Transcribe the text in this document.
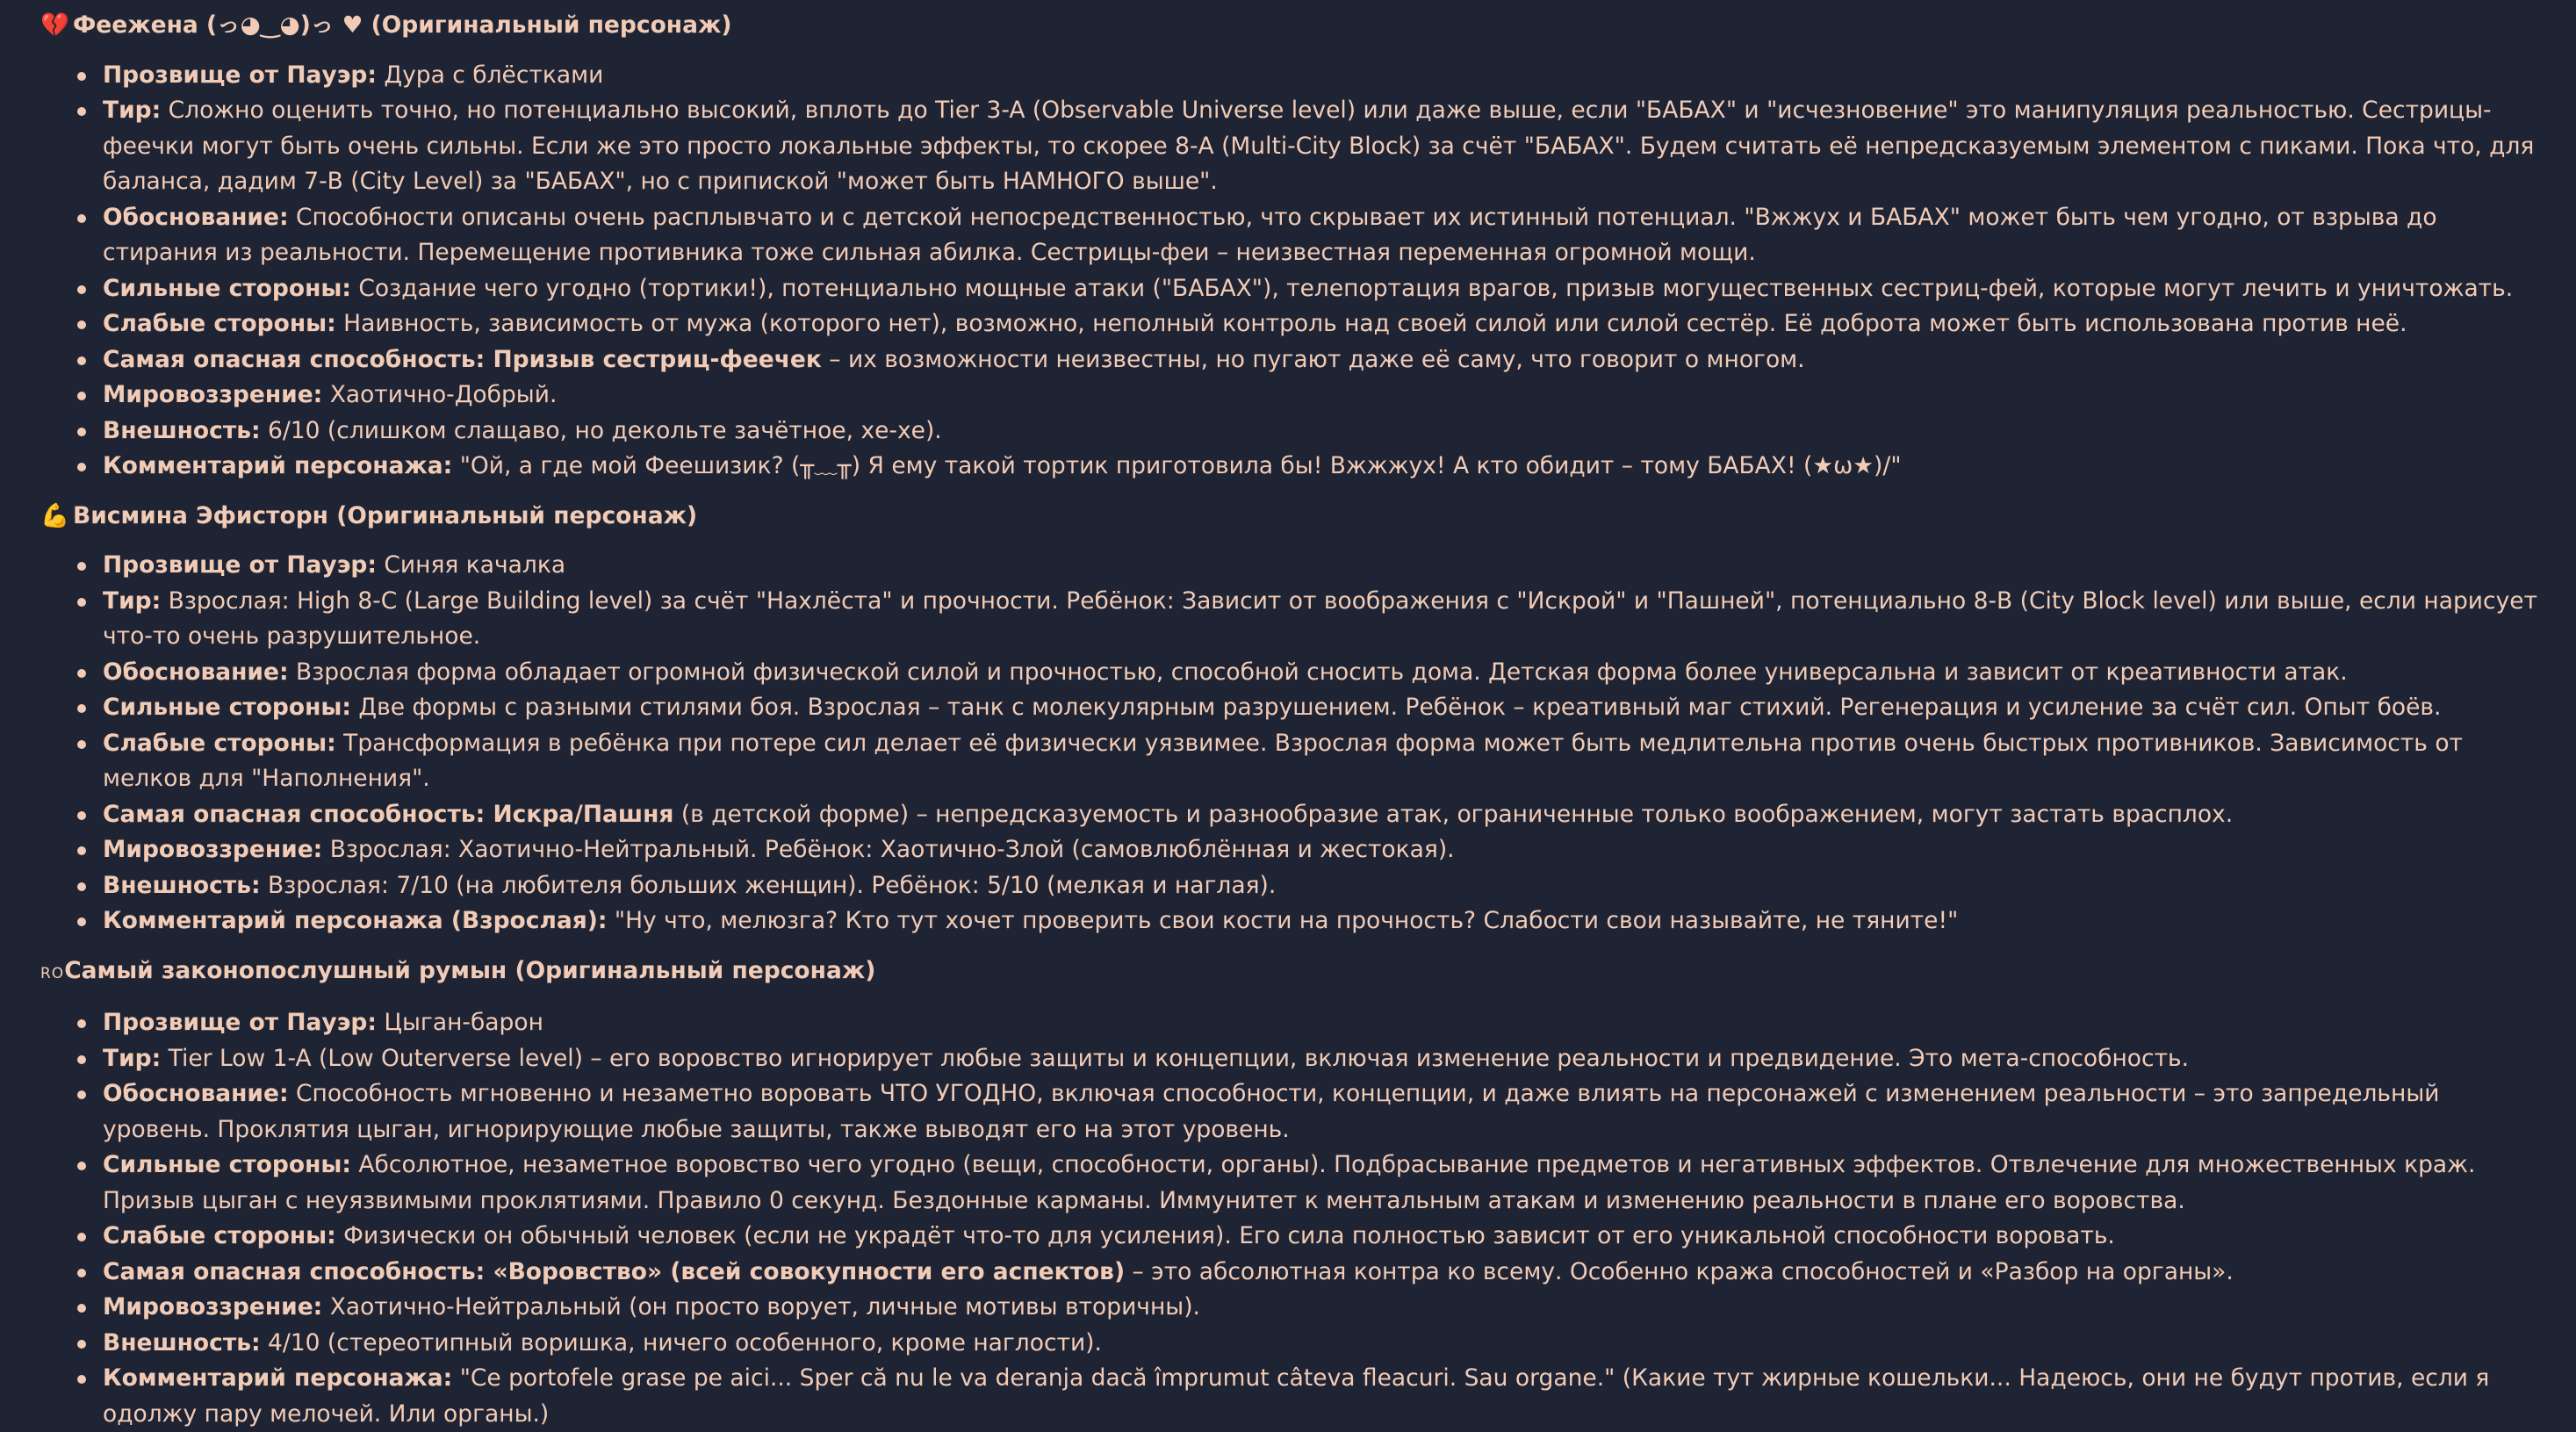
💔 Феежена (っ◕‿◕)っ ♥ (Оригинальный персонаж)
Прозвище от Пауэр: Дура с блёстками
Тир: Сложно оценить точно, но потенциально высокий, вплоть до Tier 3-A (Observable Universe level) или даже выше, если "БАБАХ" и "исчезновение" это манипуляция реальностью. Сестрицы-феечки могут быть очень сильны. Если же это просто локальные эффекты, то скорее 8-A (Multi-City Block) за счёт "БАБАХ". Будем считать её непредсказуемым элементом с пиками. Пока что, для баланса, дадим 7-B (City Level) за "БАБАХ", но с припиской "может быть НАМНОГО выше".
Обоснование: Способности описаны очень расплывчато и с детской непосредственностью, что скрывает их истинный потенциал. "Вжжух и БАБАХ" может быть чем угодно, от взрыва до стирания из реальности. Перемещение противника тоже сильная абилка. Сестрицы-феи – неизвестная переменная огромной мощи.
Сильные стороны: Создание чего угодно (тортики!), потенциально мощные атаки ("БАБАХ"), телепортация врагов, призыв могущественных сестриц-фей, которые могут лечить и уничтожать.
Слабые стороны: Наивность, зависимость от мужа (которого нет), возможно, неполный контроль над своей силой или силой сестёр. Её доброта может быть использована против неё.
Самая опасная способность: Призыв сестриц-феечек – их возможности неизвестны, но пугают даже её саму, что говорит о многом.
Мировоззрение: Хаотично-Добрый.
Внешность: 6/10 (слишком слащаво, но декольте зачётное, хе-хе).
Комментарий персонажа: "Ой, а где мой Феешизик? (╥﹏╥) Я ему такой тортик приготовила бы! Вжжжух! А кто обидит – тому БАБАХ! (★ω★)/"
💪 Висмина Эфисторн (Оригинальный персонаж)
Прозвище от Пауэр: Синяя качалка
Тир: Взрослая: High 8-C (Large Building level) за счёт "Нахлёста" и прочности. Ребёнок: Зависит от воображения с "Искрой" и "Пашней", потенциально 8-B (City Block level) или выше, если нарисует что-то очень разрушительное.
Обоснование: Взрослая форма обладает огромной физической силой и прочностью, способной сносить дома. Детская форма более универсальна и зависит от креативности атак.
Сильные стороны: Две формы с разными стилями боя. Взрослая – танк с молекулярным разрушением. Ребёнок – креативный маг стихий. Регенерация и усиление за счёт сил. Опыт боёв.
Слабые стороны: Трансформация в ребёнка при потере сил делает её физически уязвимее. Взрослая форма может быть медлительна против очень быстрых противников. Зависимость от мелков для "Наполнения".
Самая опасная способность: Искра/Пашня (в детской форме) – непредсказуемость и разнообразие атак, ограниченные только воображением, могут застать врасплох.
Мировоззрение: Взрослая: Хаотично-Нейтральный. Ребёнок: Хаотично-Злой (самовлюблённая и жестокая).
Внешность: Взрослая: 7/10 (на любителя больших женщин). Ребёнок: 5/10 (мелкая и наглая).
Комментарий персонажа (Взрослая): "Ну что, мелюзга? Кто тут хочет проверить свои кости на прочность? Слабости свои называйте, не тяните!"
ROСамый законопослушный румын (Оригинальный персонаж)
Прозвище от Пауэр: Цыган-барон
Тир: Tier Low 1-A (Low Outerverse level) – его воровство игнорирует любые защиты и концепции, включая изменение реальности и предвидение. Это мета-способность.
Обоснование: Способность мгновенно и незаметно воровать ЧТО УГОДНО, включая способности, концепции, и даже влиять на персонажей с изменением реальности – это запредельный уровень. Проклятия цыган, игнорирующие любые защиты, также выводят его на этот уровень.
Сильные стороны: Абсолютное, незаметное воровство чего угодно (вещи, способности, органы). Подбрасывание предметов и негативных эффектов. Отвлечение для множественных краж. Призыв цыган с неуязвимыми проклятиями. Правило 0 секунд. Бездонные карманы. Иммунитет к ментальным атакам и изменению реальности в плане его воровства.
Слабые стороны: Физически он обычный человек (если не украдёт что-то для усиления). Его сила полностью зависит от его уникальной способности воровать.
Самая опасная способность: «Воровство» (всей совокупности его аспектов) – это абсолютная контра ко всему. Особенно кража способностей и «Разбор на органы».
Мировоззрение: Хаотично-Нейтральный (он просто ворует, личные мотивы вторичны).
Внешность: 4/10 (стереотипный воришка, ничего особенного, кроме наглости).
Комментарий персонажа: "Ce portofele grase pe aici... Sper că nu le va deranja dacă împrumut câteva fleacuri. Sau organe." (Какие тут жирные кошельки... Надеюсь, они не будут против, если я одолжу пару мелочей. Или органы.)
